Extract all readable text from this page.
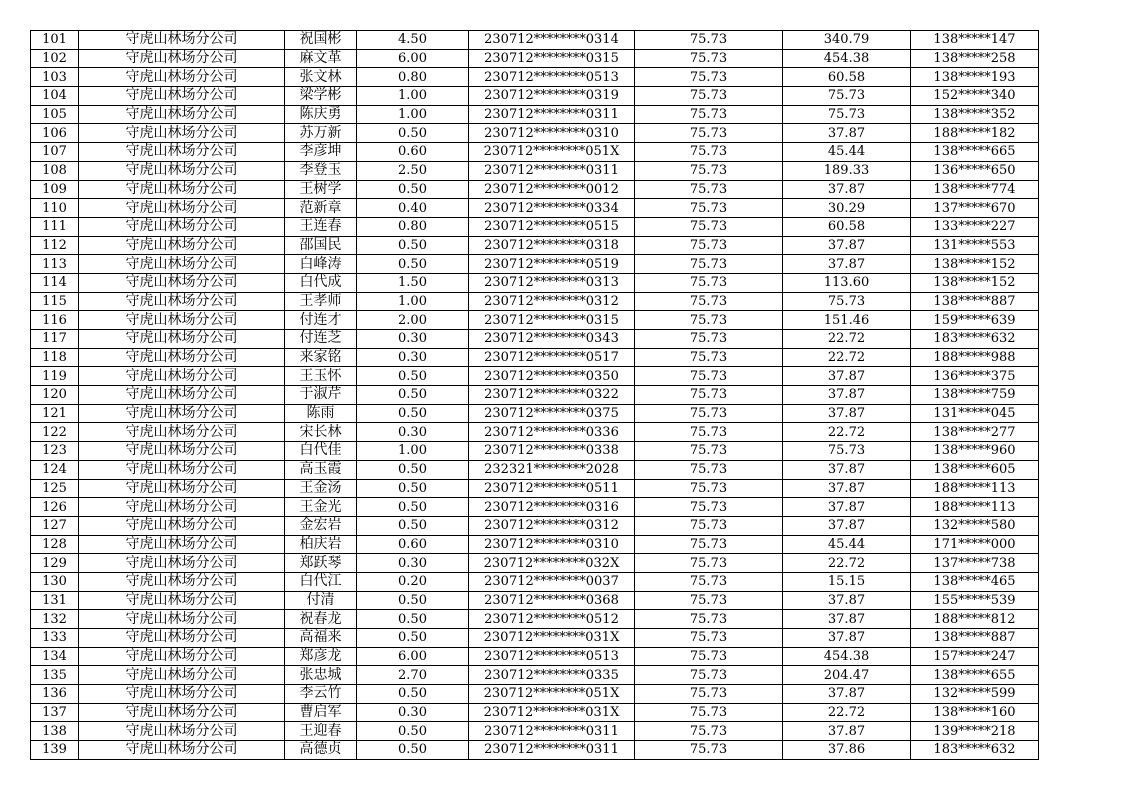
101	守虎山林场分公司	祝国彬	4.50	230712********0314	75.73	340.79	138*****147
102	守虎山林场分公司	麻文革	6.00	230712********0315	75.73	454.38	138*****258
103	守虎山林场分公司	张文林	0.80	230712********0513	75.73	60.58	138*****193
104	守虎山林场分公司	梁学彬	1.00	230712********0319	75.73	75.73	152*****340
105	守虎山林场分公司	陈庆勇	1.00	230712********0311	75.73	75.73	138*****352
106	守虎山林场分公司	苏万新	0.50	230712********0310	75.73	37.87	188*****182
107	守虎山林场分公司	李彦坤	0.60	230712********051X	75.73	45.44	138*****665
108	守虎山林场分公司	李登玉	2.50	230712********0311	75.73	189.33	136*****650
109	守虎山林场分公司	王树学	0.50	230712********0012	75.73	37.87	138*****774
110	守虎山林场分公司	范新章	0.40	230712********0334	75.73	30.29	137*****670
111	守虎山林场分公司	王连春	0.80	230712********0515	75.73	60.58	133*****227
112	守虎山林场分公司	邵国民	0.50	230712********0318	75.73	37.87	131*****553
113	守虎山林场分公司	白峰涛	0.50	230712********0519	75.73	37.87	138*****152
114	守虎山林场分公司	白代成	1.50	230712********0313	75.73	113.60	138*****152
115	守虎山林场分公司	王孝师	1.00	230712********0312	75.73	75.73	138*****887
116	守虎山林场分公司	付连才	2.00	230712********0315	75.73	151.46	159*****639
117	守虎山林场分公司	付连芝	0.30	230712********0343	75.73	22.72	183*****632
118	守虎山林场分公司	来家铭	0.30	230712********0517	75.73	22.72	188*****988
119	守虎山林场分公司	王玉怀	0.50	230712********0350	75.73	37.87	136*****375
120	守虎山林场分公司	于淑芹	0.50	230712********0322	75.73	37.87	138*****759
121	守虎山林场分公司	陈雨	0.50	230712********0375	75.73	37.87	131*****045
122	守虎山林场分公司	宋长林	0.30	230712********0336	75.73	22.72	138*****277
123	守虎山林场分公司	白代佳	1.00	230712********0338	75.73	75.73	138*****960
124	守虎山林场分公司	高玉霞	0.50	232321********2028	75.73	37.87	138*****605
125	守虎山林场分公司	王金汤	0.50	230712********0511	75.73	37.87	188*****113
126	守虎山林场分公司	王金光	0.50	230712********0316	75.73	37.87	188*****113
127	守虎山林场分公司	金宏岩	0.50	230712********0312	75.73	37.87	132*****580
128	守虎山林场分公司	柏庆岩	0.60	230712********0310	75.73	45.44	171*****000
129	守虎山林场分公司	郑跃琴	0.30	230712********032X	75.73	22.72	137*****738
130	守虎山林场分公司	白代江	0.20	230712********0037	75.73	15.15	138*****465
131	守虎山林场分公司	付清	0.50	230712********0368	75.73	37.87	155*****539
132	守虎山林场分公司	祝春龙	0.50	230712********0512	75.73	37.87	188*****812
133	守虎山林场分公司	高福来	0.50	230712********031X	75.73	37.87	138*****887
134	守虎山林场分公司	郑彦龙	6.00	230712********0513	75.73	454.38	157*****247
135	守虎山林场分公司	张忠城	2.70	230712********0335	75.73	204.47	138*****655
136	守虎山林场分公司	李云竹	0.50	230712********051X	75.73	37.87	132*****599
137	守虎山林场分公司	曹启军	0.30	230712********031X	75.73	22.72	138*****160
138	守虎山林场分公司	王迎春	0.50	230712********0311	75.73	37.87	139*****218
139	守虎山林场分公司	高德贞	0.50	230712********0311	75.73	37.86	183*****632
